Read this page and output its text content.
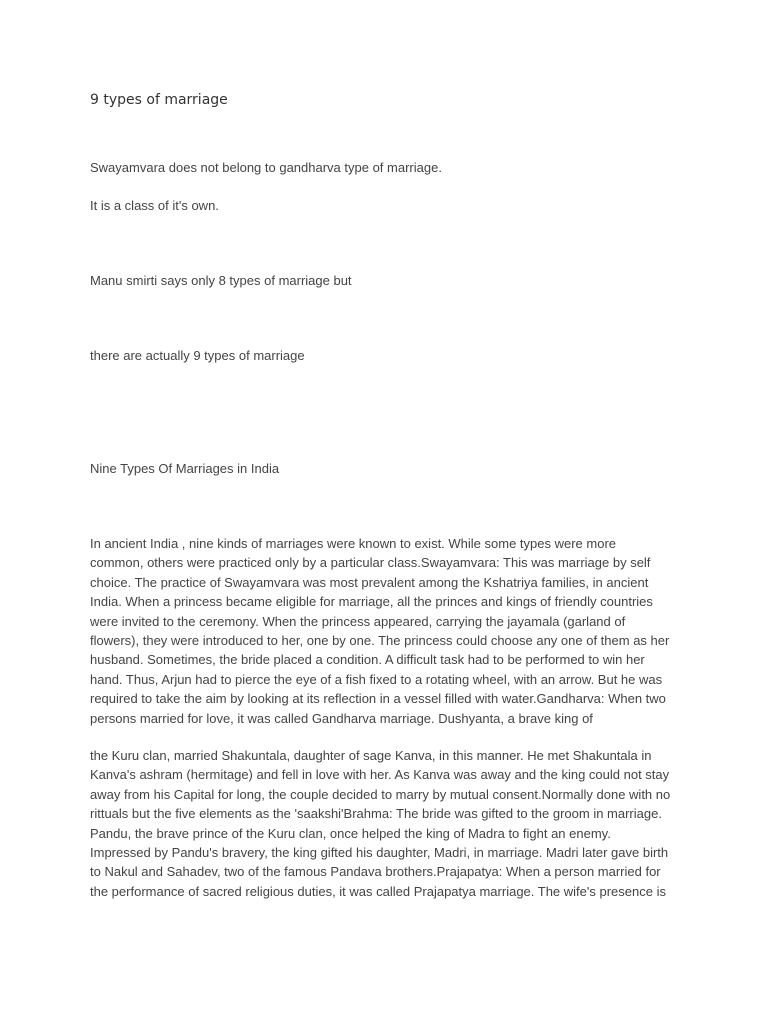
9 types of marriage

Swayamvara does not belong to gandharva type of marriage.

It is a class of it's own.

Manu smirti says only 8 types of marriage but

there are actually 9 types of marriage

Nine Types Of Marriages in India

In ancient India , nine kinds of marriages were known to exist. While some types were more
common, others were practiced only by a particular class.Swayamvara: This was marriage by self
choice. The practice of Swayamvara was most prevalent among the Kshatriya families, in ancient
India. When a princess became eligible for marriage, all the princes and kings of friendly countries
were invited to the ceremony. When the princess appeared, carrying the jayamala (garland of
flowers), they were introduced to her, one by one. The princess could choose any one of them as her
husband. Sometimes, the bride placed a condition. A difficult task had to be performed to win her
hand. Thus, Arjun had to pierce the eye of a fish fixed to a rotating wheel, with an arrow. But he was
required to take the aim by looking at its reflection in a vessel filled with water.Gandharva: When two
persons married for love, it was called Gandharva marriage. Dushyanta, a brave king of
the Kuru clan, married Shakuntala, daughter of sage Kanva, in this manner. He met Shakuntala in
Kanva's ashram (hermitage) and fell in love with her. As Kanva was away and the king could not stay
away from his Capital for long, the couple decided to marry by mutual consent.Normally done with no
rittuals but the five elements as the 'saakshi'Brahma: The bride was gifted to the groom in marriage.
Pandu, the brave prince of the Kuru clan, once helped the king of Madra to fight an enemy.
Impressed by Pandu's bravery, the king gifted his daughter, Madri, in marriage. Madri later gave birth
to Nakul and Sahadev, two of the famous Pandava brothers.Prajapatya: When a person married for
the performance of sacred religious duties, it was called Prajapatya marriage. The wife's presence is
